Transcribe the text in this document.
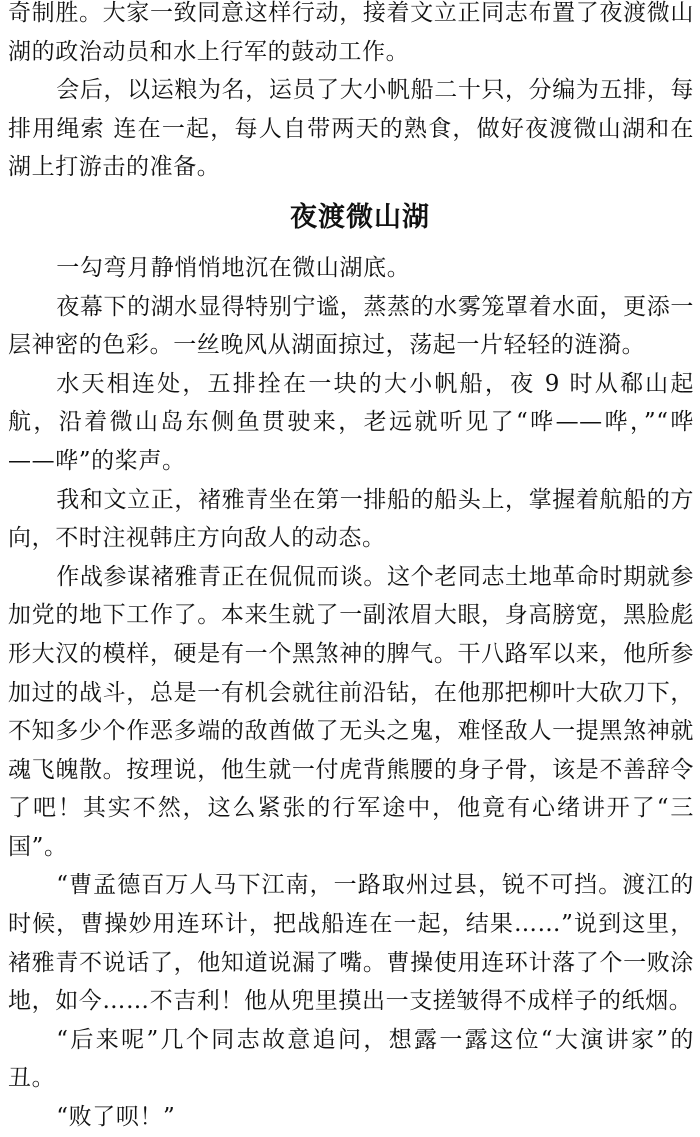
奇制胜。大家一致同意这样行动，接着文立正同志布置了夜渡微山湖的政治动员和水上行军的鼓动工作。

会后，以运粮为名，运员了大小帆船二十只，分编为五排，每排用绳索 连在一起，每人自带两天的熟食，做好夜渡微山湖和在湖上打游击的准备。

夜渡微山湖

一勾弯月静悄悄地沉在微山湖底。

夜幕下的湖水显得特别宁谧，蒸蒸的水雾笼罩着水面，更添一层神密的色彩。一丝晚风从湖面掠过，荡起一片轻轻的涟漪。

水天相连处，五排拴在一块的大小帆船，夜 9 时从郗山起航，沿着微山岛东侧鱼贯驶来，老远就听见了“哗——哗，”“哗——哗”的桨声。

我和文立正，褚雅青坐在第一排船的船头上，掌握着航船的方向，不时注视韩庄方向敌人的动态。

作战参谋褚雅青正在侃侃而谈。这个老同志土地革命时期就参加党的地下工作了。本来生就了一副浓眉大眼，身高膀宽，黑脸彪形大汉的模样，硬是有一个黑煞神的脾气。干八路军以来，他所参加过的战斗，总是一有机会就往前沿钻，在他那把柳叶大砍刀下，不知多少个作恶多端的敌酋做了无头之鬼，难怪敌人一提黑煞神就魂飞魄散。按理说，他生就一付虎背熊腰的身子骨，该是不善辞令了吧！其实不然，这么紧张的行军途中，他竟有心绪讲开了“三国”。

“曹孟德百万人马下江南，一路取州过县，锐不可挡。渡江的时候，曹操妙用连环计，把战船连在一起，结果……”说到这里，褚雅青不说话了，他知道说漏了嘴。曹操使用连环计落了个一败涂地，如今……不吉利！他从兜里摸出一支搓皱得不成样子的纸烟。

“后来呢”几个同志故意追问，想露一露这位“大演讲家”的丑。

“败了呗！”
